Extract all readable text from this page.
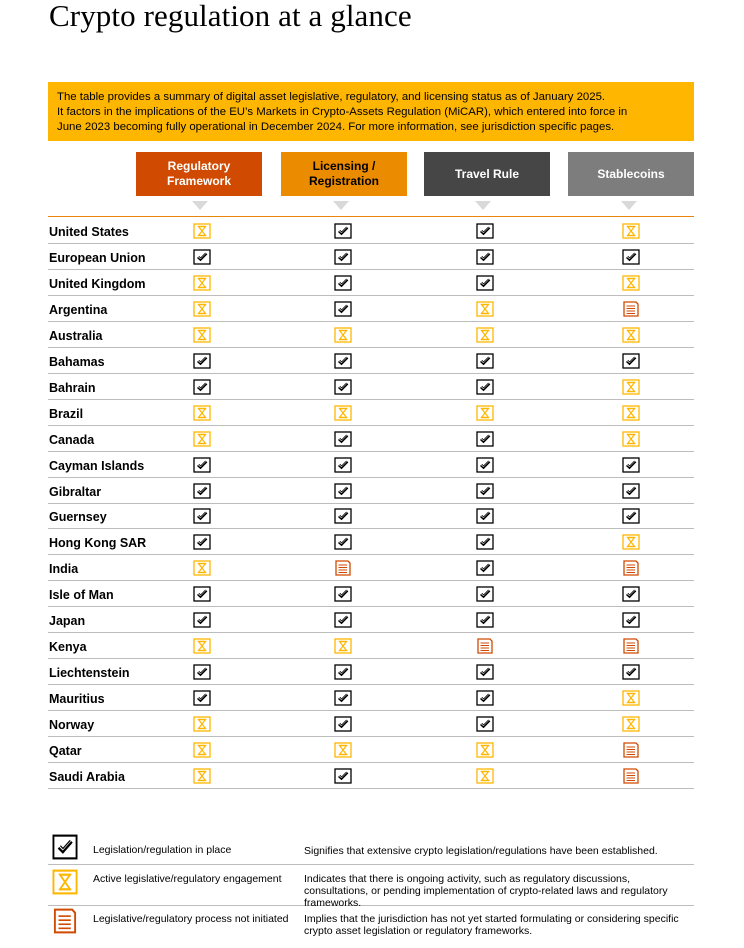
Crypto regulation at a glance

The table provides a summary of digital asset legislative, regulatory, and licensing status as of January 2025.

It factors in the implications of the EU’s Markets in Crypto-Assets Regulation (MiCAR), which entered into force in

June 2023 becoming fully operational in December 2024. For more information, see jurisdiction specific pages.

Regulatory
Framework
Licensing /
Registration
Travel Rule	Stablecoins
United States
European Union
United Kingdom
Argentina
Australia
Bahamas
Bahrain
Brazil
Canada
Cayman Islands
Gibraltar
Guernsey
Hong Kong SAR
India
Isle of Man
Japan
Kenya
Liechtenstein
Mauritius
Norway
Qatar
Saudi Arabia
Legislation/regulation in place	Signifies that extensive crypto legislation/regulations have been established.
Active legislative/regulatory engagement Indicates that there is ongoing activity, such as regulatory discussions, consultations, or pending implementation of crypto-related laws and regulatory frameworks.
Legislative/regulatory process not initiated Implies that the jurisdiction has not yet started formulating or considering specific crypto asset legislation or regulatory frameworks.
